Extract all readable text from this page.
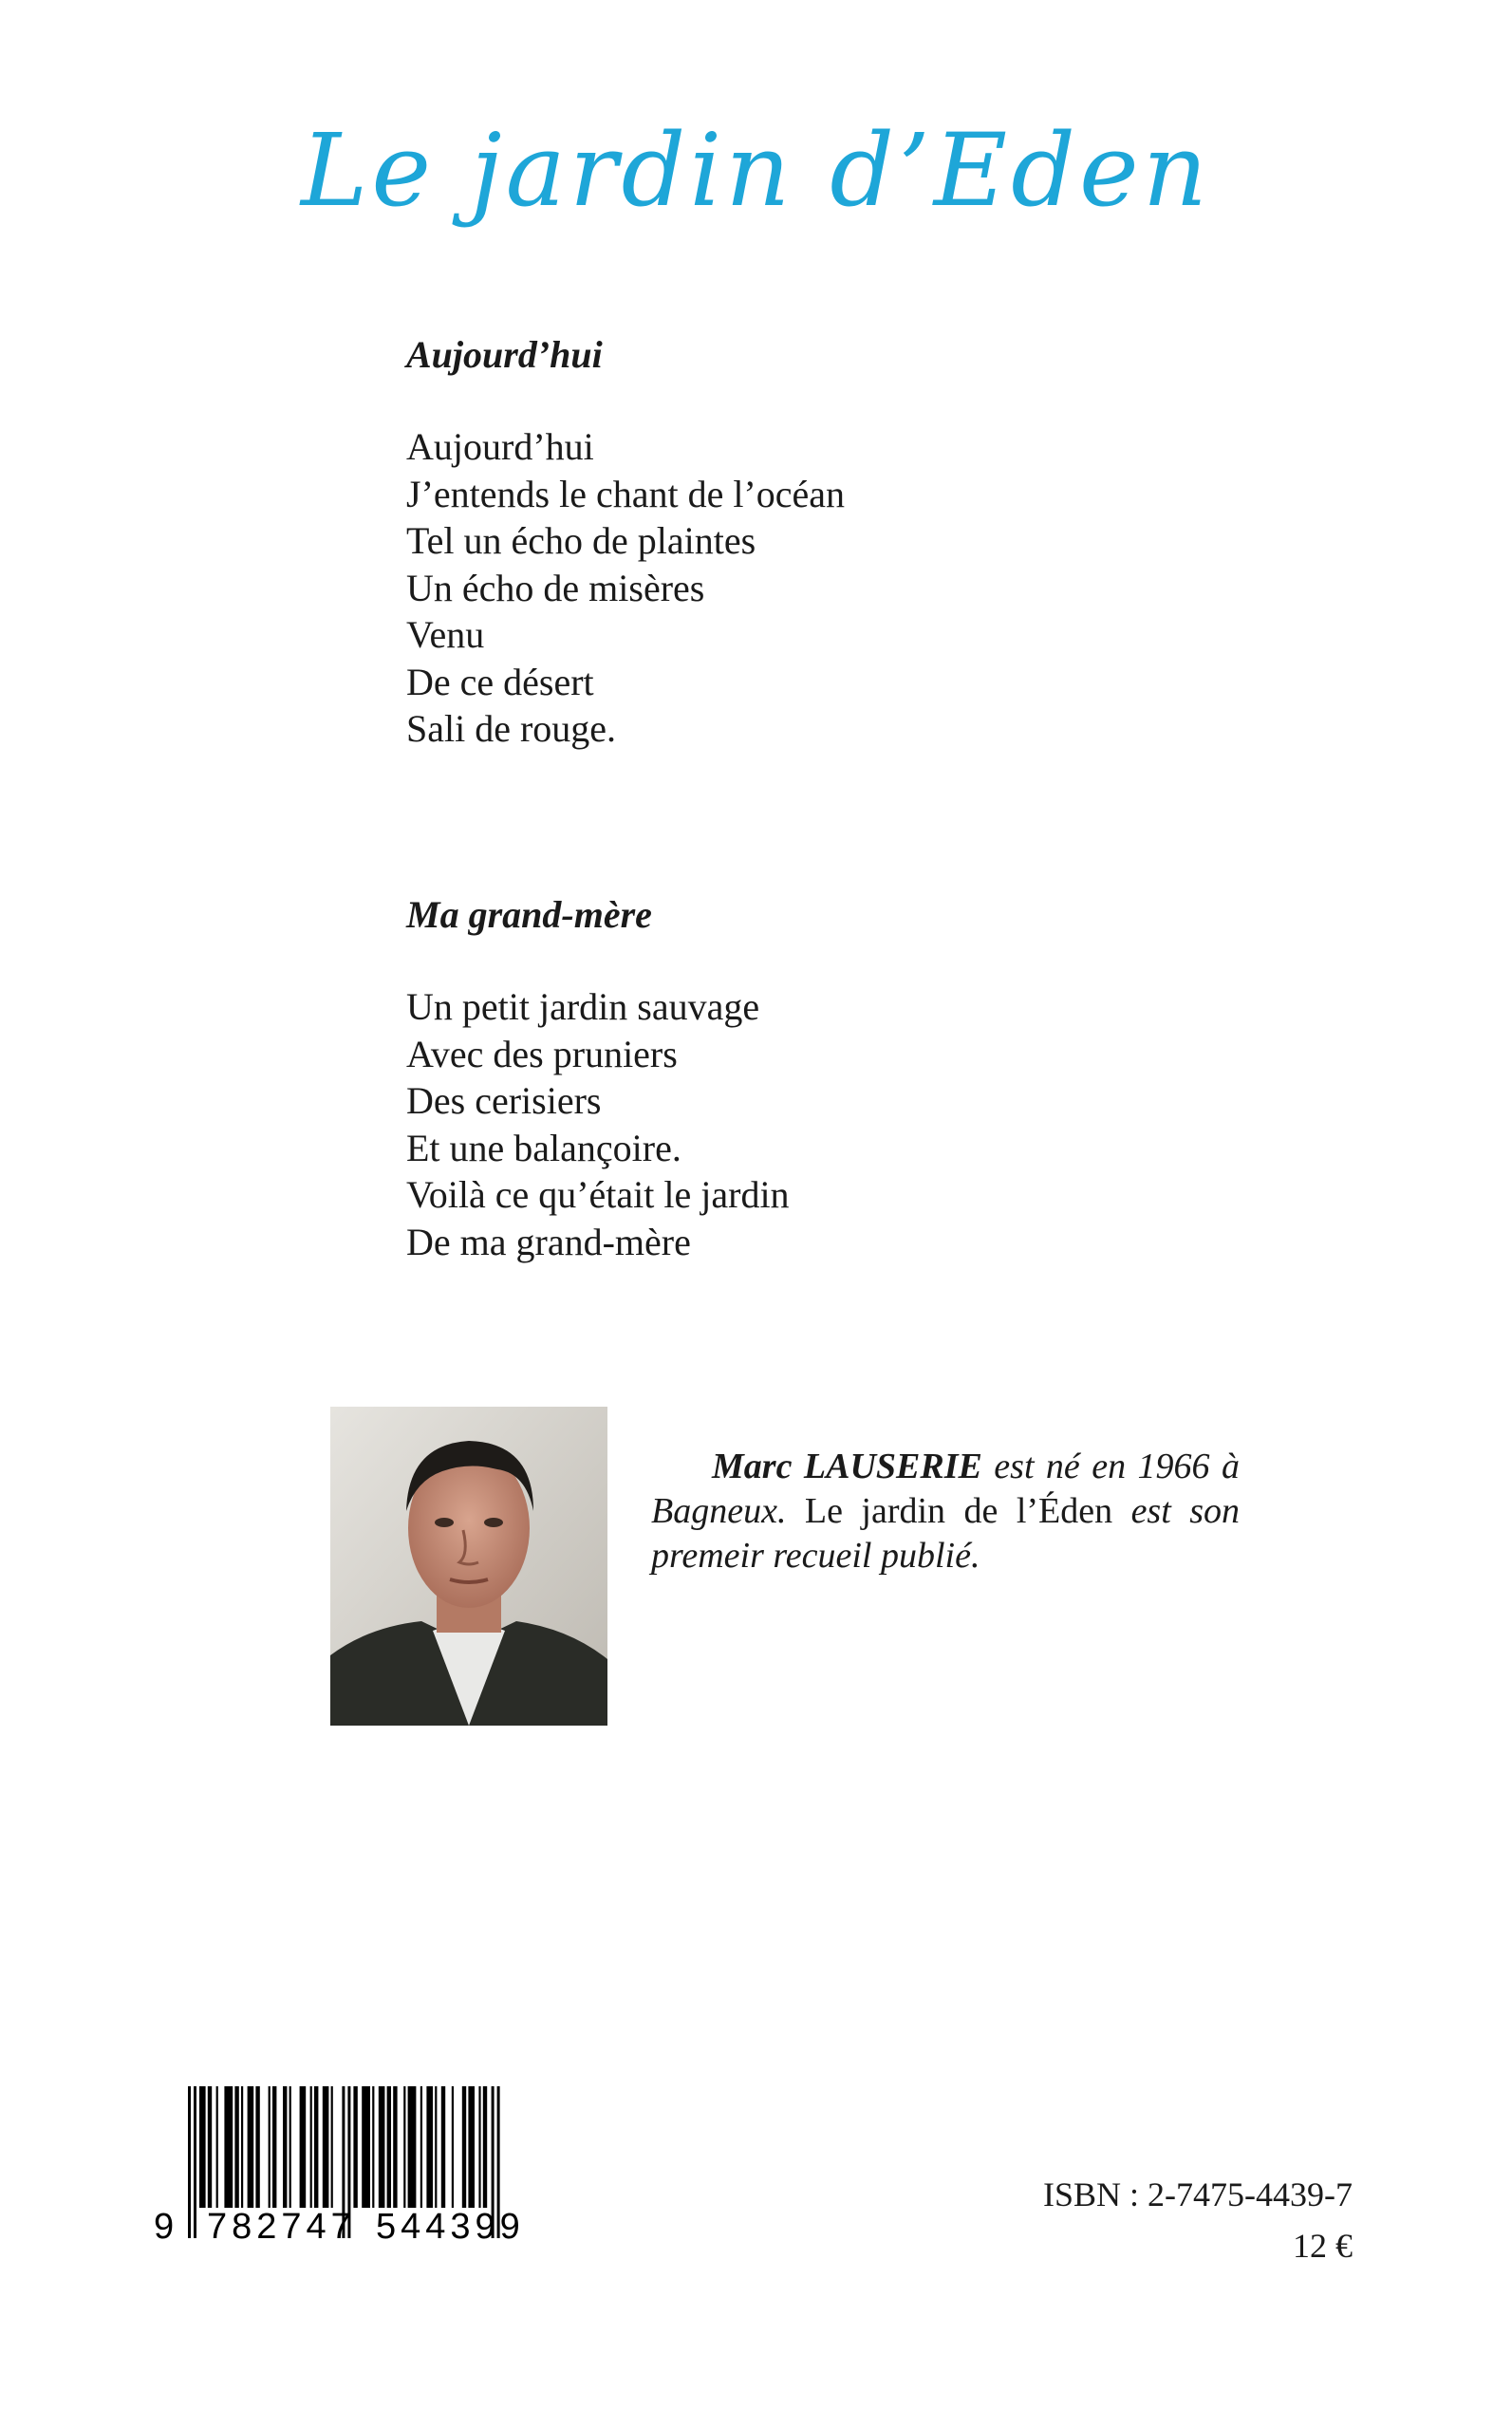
Le jardin d’Eden
Aujourd’hui
Aujourd’hui
J’entends le chant de l’océan
Tel un écho de plaintes
Un écho de misères
Venu
De ce désert
Sali de rouge.
Ma grand-mère
Un petit jardin sauvage
Avec des pruniers
Des cerisiers
Et une balançoire.
Voilà ce qu’était le jardin
De ma grand-mère
Marc LAUSERIE est né en 1966 à Bagneux. Le jardin de l’Éden est son premeir recueil publié.
9 782747 544399
ISBN : 2-7475-4439-7
12 €
